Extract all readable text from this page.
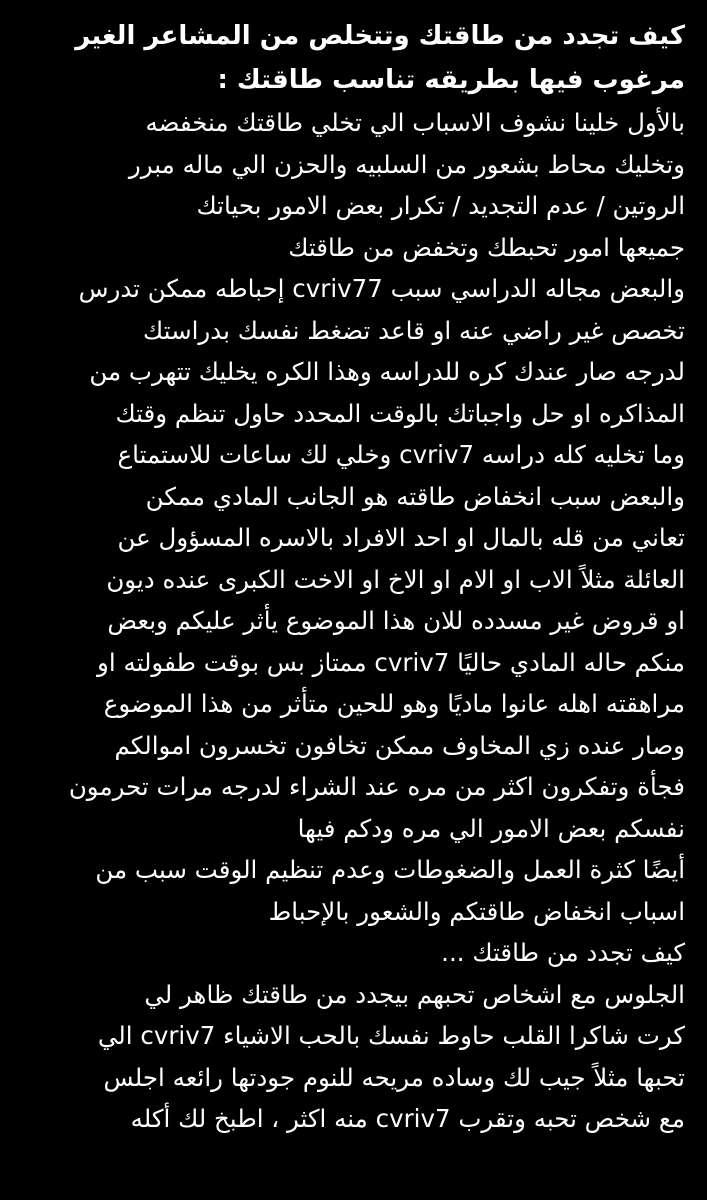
كيف تجدد من طاقتك وتتخلص من المشاعر الغير

مرغوب فيها بطريقه تناسب طاقتك :

بالأول خلينا نشوف الاسباب الي تخلي طاقتك منخفضه
وتخليك محاط بشعور من السلبيه والحزن الي ماله مبرر
الروتين / عدم التجديد / تكرار بعض الامور بحياتك
جميعها امور تحبطك وتخفض من طاقتك
والبعض مجاله الدراسي سبب cvriv77 إحباطه ممكن تدرس
تخصص غير راضي عنه او قاعد تضغط نفسك بدراستك
لدرجه صار عندك كره للدراسه وهذا الكره يخليك تتهرب من
المذاكره او حل واجباتك بالوقت المحدد حاول تنظم وقتك
وما تخليه كله دراسه cvriv7 وخلي لك ساعات للاستمتاع
والبعض سبب انخفاض طاقته هو الجانب المادي ممكن
تعاني من قله بالمال او احد الافراد بالاسره المسؤول عن
العائلة مثلاً الاب او الام او الاخ او الاخت الكبرى عنده ديون
او قروض غير مسدده للان هذا الموضوع يأثر عليكم وبعض
منكم حاله المادي حاليًا cvriv7 ممتاز بس بوقت طفولته او
مراهقته اهله عانوا ماديًا وهو للحين متأثر من هذا الموضوع
وصار عنده زي المخاوف ممكن تخافون تخسرون اموالكم
فجأة وتفكرون اكثر من مره عند الشراء لدرجه مرات تحرمون
نفسكم بعض الامور الي مره ودكم فيها
أيضًا كثرة العمل والضغوطات وعدم تنظيم الوقت سبب من
اسباب انخفاض طاقتكم والشعور بالإحباط
كيف تجدد من طاقتك ...
الجلوس مع اشخاص تحبهم بيجدد من طاقتك ظاهر لي
كرت شاكرا القلب حاوط نفسك بالحب الاشياء cvriv7 الي
تحبها مثلاً جيب لك وساده مريحه للنوم جودتها رائعه اجلس
مع شخص تحبه وتقرب cvriv7 منه اكثر ، اطبخ لك أكله
